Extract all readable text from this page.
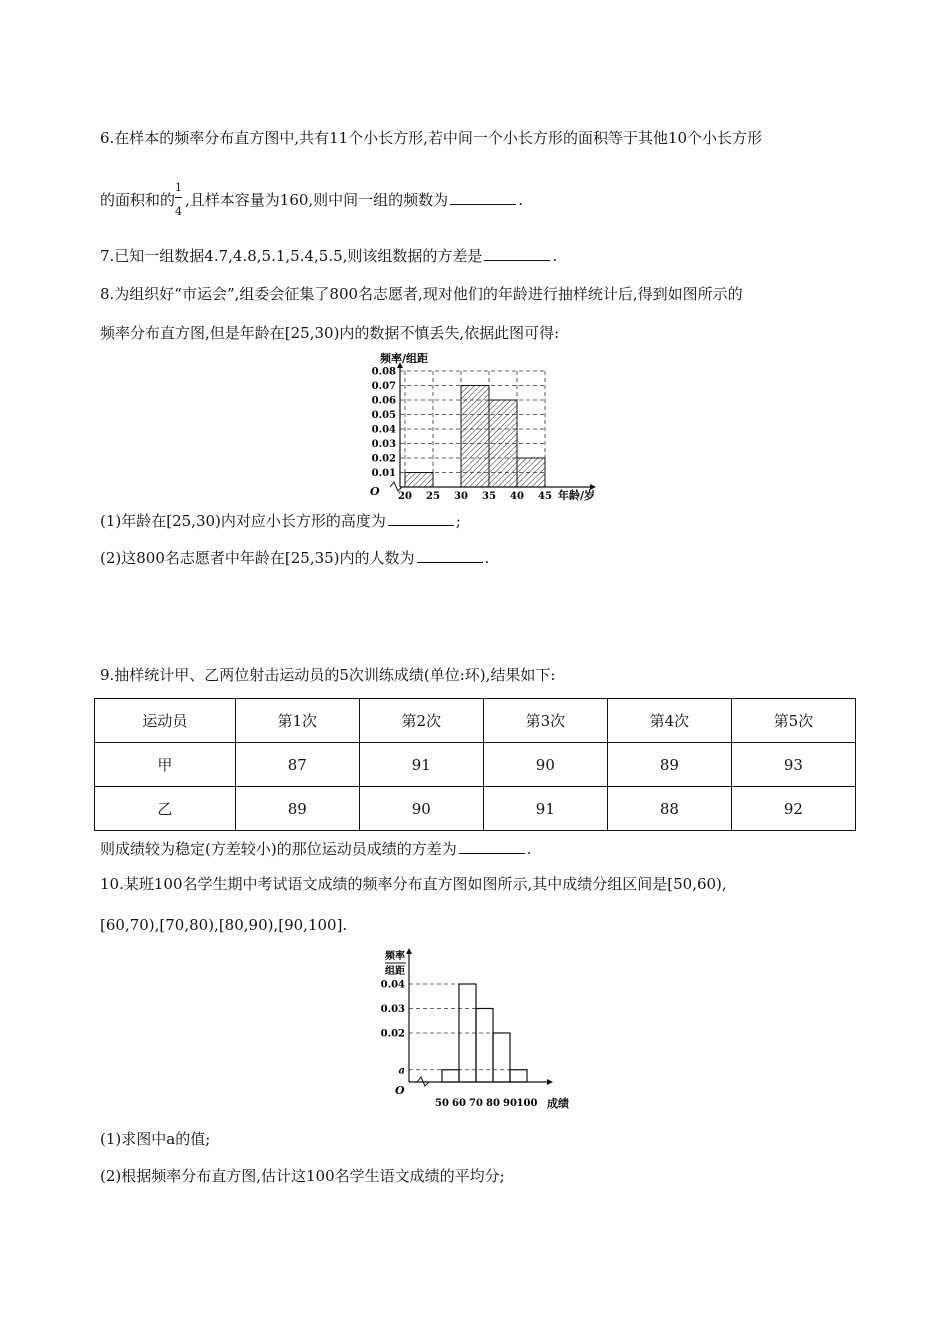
6.在样本的频率分布直方图中,共有11个小长方形,若中间一个小长方形的面积等于其他10个小长方形
的面积和的 $\frac{1}{4}$ ,且样本容量为160,则中间一组的频数为	.
7.已知一组数据4.7,4.8,5.1,5.4,5.5,则该组数据的方差是	.
8.为组织好“市运会”,组委会征集了800名志愿者,现对他们的年龄进行抽样统计后,得到如图所示的
频率分布直方图,但是年龄在[25,30)内的数据不慎丢失,依据此图可得:
0.01
0.02
0.03
0.04
0.05
0.06
0.07
0.08
20 25 30 35 40 45
O
频率/组距
年龄/岁
(1)年龄在[25,30)内对应小长方形的高度为	;
(2)这800名志愿者中年龄在[25,35)内的人数为	.
9.抽样统计甲、乙两位射击运动员的5次训练成绩(单位:环),结果如下:
运动员	第1次	第2次	第3次	第4次	第5次
甲	87	91	90	89	93
乙	89	90	91	88	92
则成绩较为稳定(方差较小)的那位运动员成绩的方差为	.
10.某班100名学生期中考试语文成绩的频率分布直方图如图所示,其中成绩分组区间是[50,60),
[60,70),[70,80),[80,90),[90,100].
a
0.02
0.03
0.04
50 60 70 80 90 100
O
频率
组距
成绩
(1)求图中a的值;
(2)根据频率分布直方图,估计这100名学生语文成绩的平均分;
